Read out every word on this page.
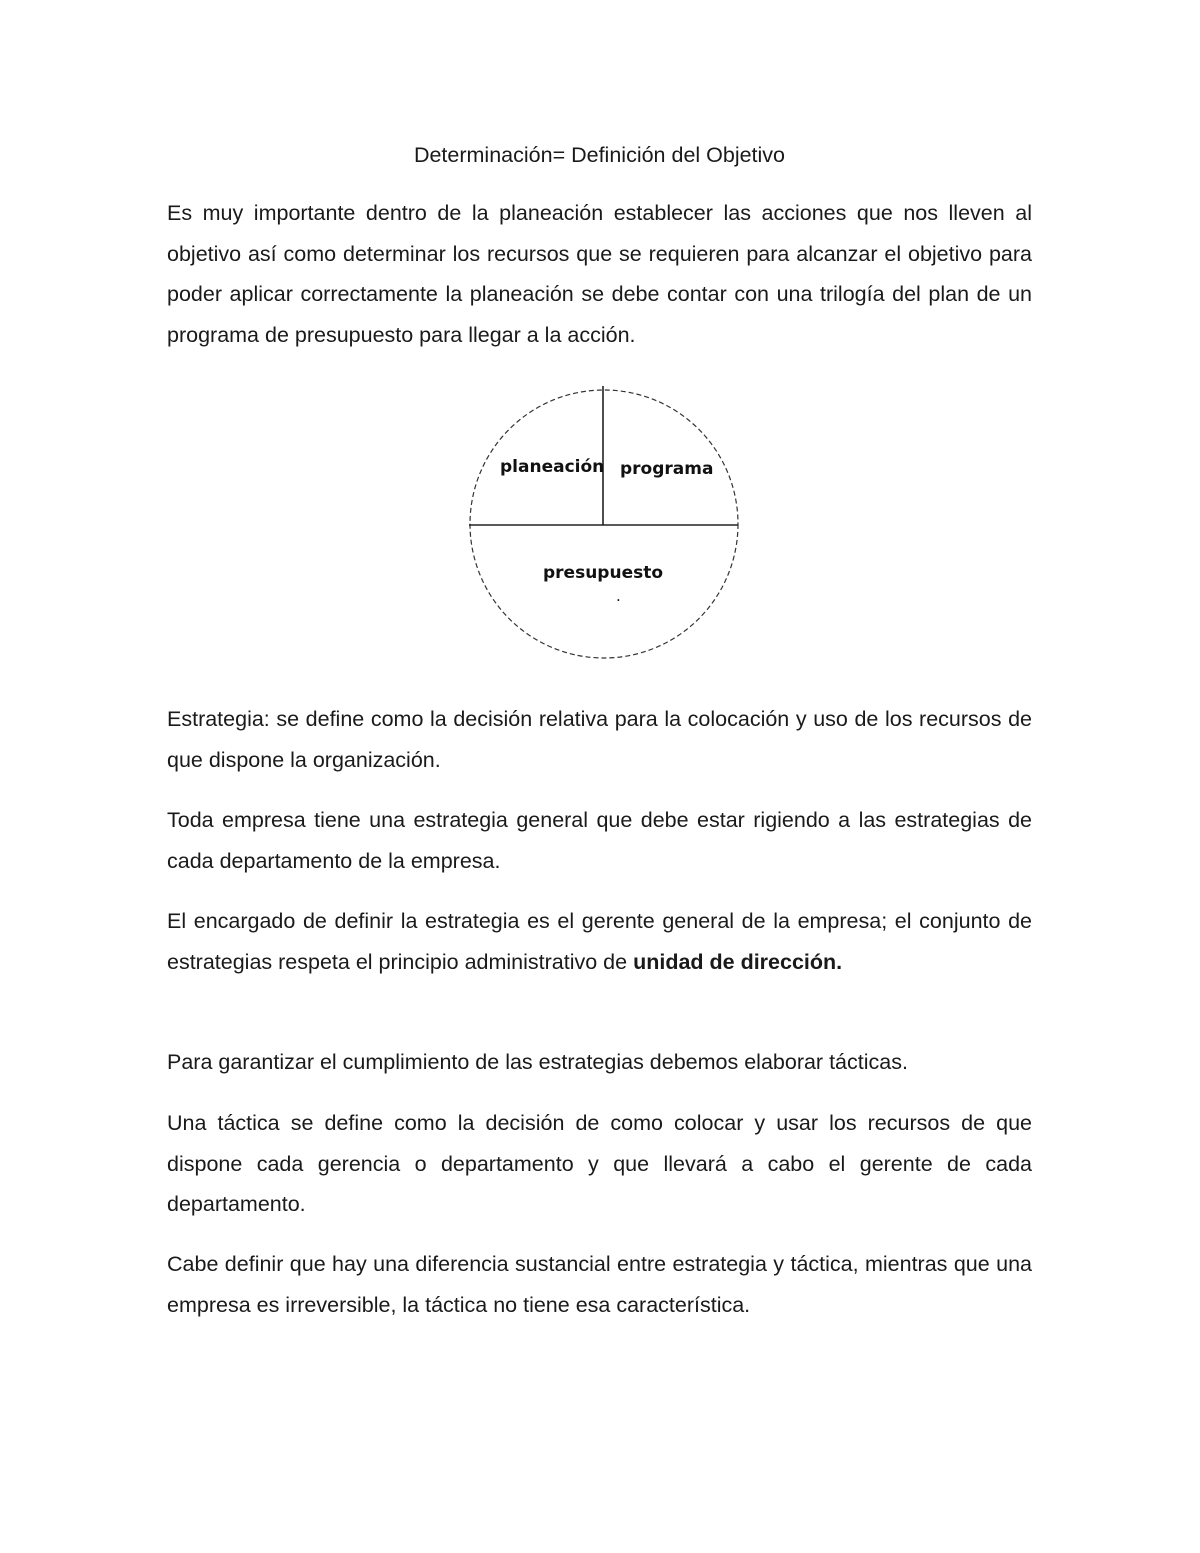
Determinación= Definición del Objetivo

Es muy importante dentro de la planeación establecer las acciones que nos lleven al objetivo así como determinar los recursos que se requieren para alcanzar el objetivo para poder aplicar correctamente la planeación se debe contar con una trilogía del plan de un programa de presupuesto para llegar a la acción.

planeación programa
presupuesto
.

Estrategia: se define como la decisión relativa para la colocación y uso de los recursos de que dispone la organización.

Toda empresa tiene una estrategia general que debe estar rigiendo a las estrategias de cada departamento de la empresa.

El encargado de definir la estrategia es el gerente general de la empresa; el conjunto de estrategias respeta el principio administrativo de unidad de dirección.

Para garantizar el cumplimiento de las estrategias debemos elaborar tácticas.

Una táctica se define como la decisión de como colocar y usar los recursos de que dispone cada gerencia o departamento y que llevará a cabo el gerente de cada departamento.

Cabe definir que hay una diferencia sustancial entre estrategia y táctica, mientras que una empresa es irreversible, la táctica no tiene esa característica.
